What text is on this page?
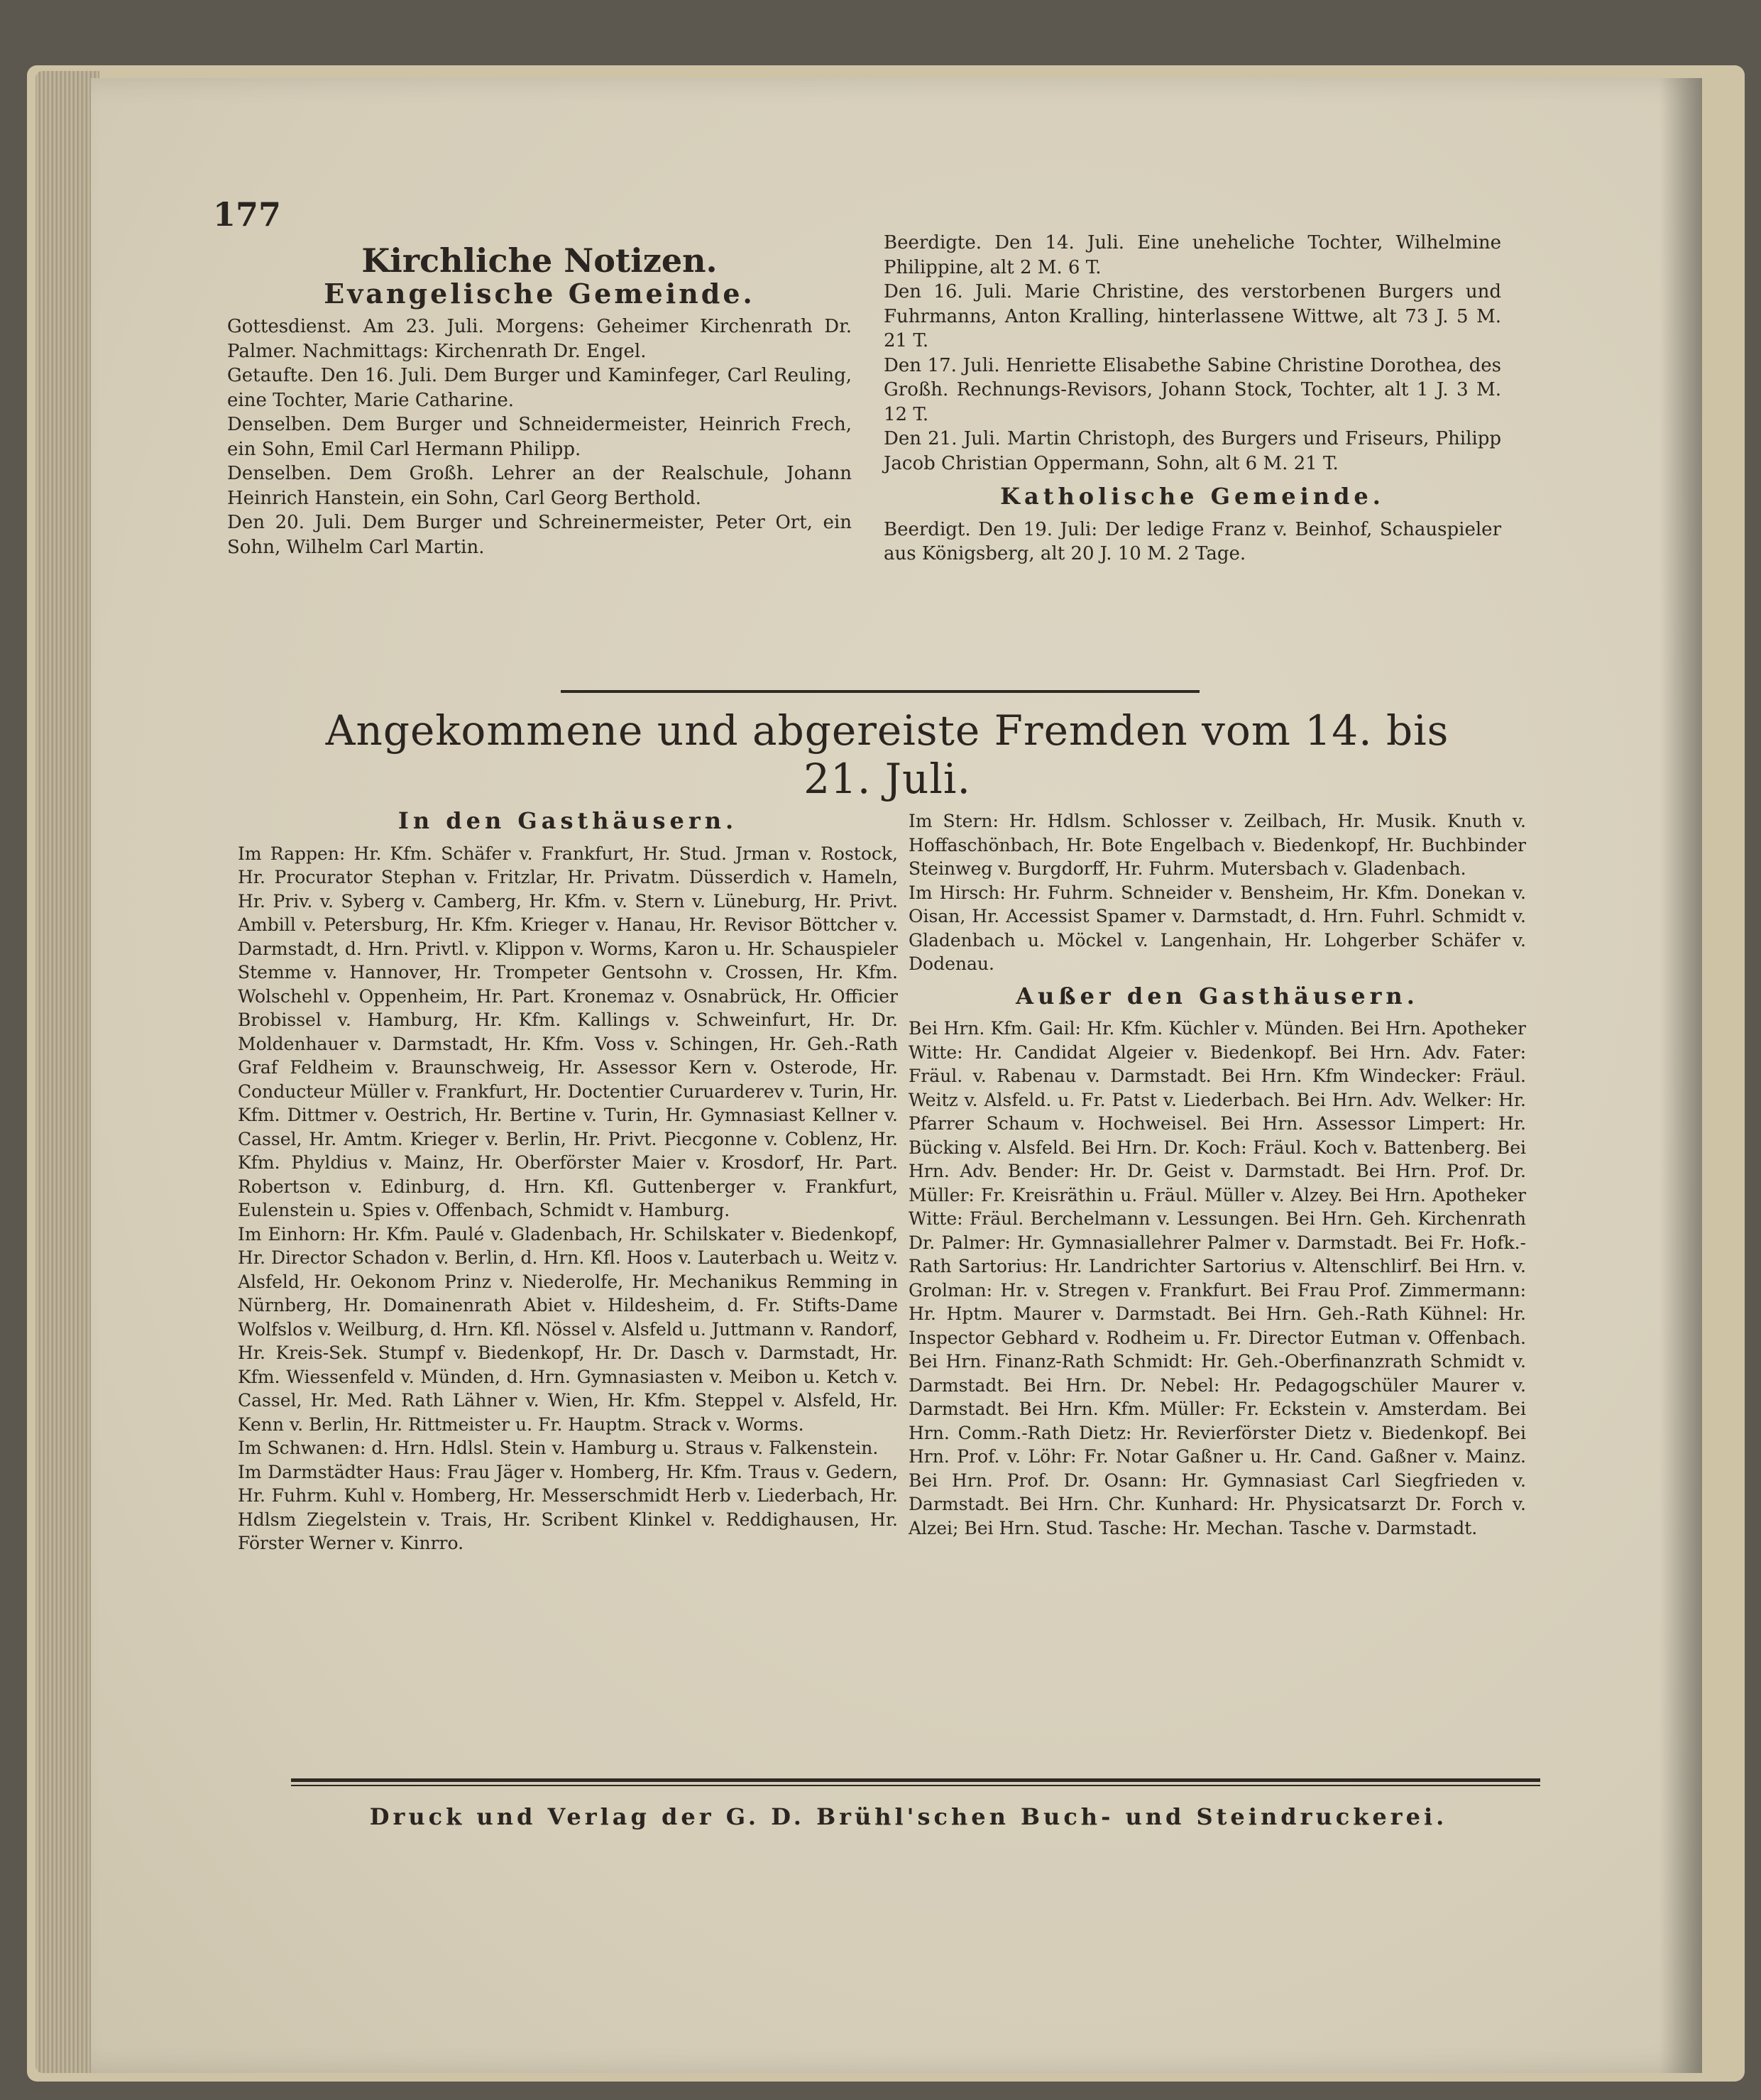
177
Kirchliche Notizen.
Evangelische Gemeinde.

Gottesdienst. Am 23. Juli. Morgens: Geheimer Kirchenrath Dr. Palmer. Nachmittags: Kirchenrath Dr. Engel.

Getaufte. Den 16. Juli. Dem Burger und Kaminfeger, Carl Reuling, eine Tochter, Marie Catharine.

Denselben. Dem Burger und Schneidermeister, Heinrich Frech, ein Sohn, Emil Carl Hermann Philipp.

Denselben. Dem Großh. Lehrer an der Realschule, Johann Heinrich Hanstein, ein Sohn, Carl Georg Berthold.

Den 20. Juli. Dem Burger und Schreinermeister, Peter Ort, ein Sohn, Wilhelm Carl Martin.

Beerdigte. Den 14. Juli. Eine uneheliche Tochter, Wilhelmine Philippine, alt 2 M. 6 T.

Den 16. Juli. Marie Christine, des verstorbenen Burgers und Fuhrmanns, Anton Kralling, hinterlassene Wittwe, alt 73 J. 5 M. 21 T.

Den 17. Juli. Henriette Elisabethe Sabine Christine Dorothea, des Großh. Rechnungs-Revisors, Johann Stock, Tochter, alt 1 J. 3 M. 12 T.

Den 21. Juli. Martin Christoph, des Burgers und Friseurs, Philipp Jacob Christian Oppermann, Sohn, alt 6 M. 21 T.

Katholische Gemeinde.

Beerdigt. Den 19. Juli: Der ledige Franz v. Beinhof, Schauspieler aus Königsberg, alt 20 J. 10 M. 2 Tage.

Angekommene und abgereiste Fremden vom 14. bis 21. Juli.
In den Gasthäusern.

Im Rappen: Hr. Kfm. Schäfer v. Frankfurt, Hr. Stud. Jrman v. Rostock, Hr. Procurator Stephan v. Fritzlar, Hr. Privatm. Düsserdich v. Hameln, Hr. Priv. v. Syberg v. Camberg, Hr. Kfm. v. Stern v. Lüneburg, Hr. Privt. Ambill v. Petersburg, Hr. Kfm. Krieger v. Hanau, Hr. Revisor Böttcher v. Darmstadt, d. Hrn. Privtl. v. Klippon v. Worms, Karon u. Hr. Schauspieler Stemme v. Hannover, Hr. Trompeter Gentsohn v. Crossen, Hr. Kfm. Wolschehl v. Oppenheim, Hr. Part. Kronemaz v. Osnabrück, Hr. Officier Brobissel v. Hamburg, Hr. Kfm. Kallings v. Schweinfurt, Hr. Dr. Moldenhauer v. Darmstadt, Hr. Kfm. Voss v. Schingen, Hr. Geh.-Rath Graf Feldheim v. Braunschweig, Hr. Assessor Kern v. Osterode, Hr. Conducteur Müller v. Frankfurt, Hr. Doctentier Curuarderev v. Turin, Hr. Kfm. Dittmer v. Oestrich, Hr. Bertine v. Turin, Hr. Gymnasiast Kellner v. Cassel, Hr. Amtm. Krieger v. Berlin, Hr. Privt. Piecgonne v. Coblenz, Hr. Kfm. Phyldius v. Mainz, Hr. Oberförster Maier v. Krosdorf, Hr. Part. Robertson v. Edinburg, d. Hrn. Kfl. Guttenberger v. Frankfurt, Eulenstein u. Spies v. Offenbach, Schmidt v. Hamburg.

Im Einhorn: Hr. Kfm. Paulé v. Gladenbach, Hr. Schilskater v. Biedenkopf, Hr. Director Schadon v. Berlin, d. Hrn. Kfl. Hoos v. Lauterbach u. Weitz v. Alsfeld, Hr. Oekonom Prinz v. Niederolfe, Hr. Mechanikus Remming in Nürnberg, Hr. Domainenrath Abiet v. Hildesheim, d. Fr. Stifts-Dame Wolfslos v. Weilburg, d. Hrn. Kfl. Nössel v. Alsfeld u. Juttmann v. Randorf, Hr. Kreis-Sek. Stumpf v. Biedenkopf, Hr. Dr. Dasch v. Darmstadt, Hr. Kfm. Wiessenfeld v. Münden, d. Hrn. Gymnasiasten v. Meibon u. Ketch v. Cassel, Hr. Med. Rath Lähner v. Wien, Hr. Kfm. Steppel v. Alsfeld, Hr. Kenn v. Berlin, Hr. Rittmeister u. Fr. Hauptm. Strack v. Worms.

Im Schwanen: d. Hrn. Hdlsl. Stein v. Hamburg u. Straus v. Falkenstein.

Im Darmstädter Haus: Frau Jäger v. Homberg, Hr. Kfm. Traus v. Gedern, Hr. Fuhrm. Kuhl v. Homberg, Hr. Messerschmidt Herb v. Liederbach, Hr. Hdlsm Ziegelstein v. Trais, Hr. Scribent Klinkel v. Reddighausen, Hr. Förster Werner v. Kinrro.

Im Stern: Hr. Hdlsm. Schlosser v. Zeilbach, Hr. Musik. Knuth v. Hoffaschönbach, Hr. Bote Engelbach v. Biedenkopf, Hr. Buchbinder Steinweg v. Burgdorff, Hr. Fuhrm. Mutersbach v. Gladenbach.

Im Hirsch: Hr. Fuhrm. Schneider v. Bensheim, Hr. Kfm. Donekan v. Oisan, Hr. Accessist Spamer v. Darmstadt, d. Hrn. Fuhrl. Schmidt v. Gladenbach u. Möckel v. Langenhain, Hr. Lohgerber Schäfer v. Dodenau.

Außer den Gasthäusern.

Bei Hrn. Kfm. Gail: Hr. Kfm. Küchler v. Münden. Bei Hrn. Apotheker Witte: Hr. Candidat Algeier v. Biedenkopf. Bei Hrn. Adv. Fater: Fräul. v. Rabenau v. Darmstadt. Bei Hrn. Kfm Windecker: Fräul. Weitz v. Alsfeld. u. Fr. Patst v. Liederbach. Bei Hrn. Adv. Welker: Hr. Pfarrer Schaum v. Hochweisel. Bei Hrn. Assessor Limpert: Hr. Bücking v. Alsfeld. Bei Hrn. Dr. Koch: Fräul. Koch v. Battenberg. Bei Hrn. Adv. Bender: Hr. Dr. Geist v. Darmstadt. Bei Hrn. Prof. Dr. Müller: Fr. Kreisräthin u. Fräul. Müller v. Alzey. Bei Hrn. Apotheker Witte: Fräul. Berchelmann v. Lessungen. Bei Hrn. Geh. Kirchenrath Dr. Palmer: Hr. Gymnasiallehrer Palmer v. Darmstadt. Bei Fr. Hofk.-Rath Sartorius: Hr. Landrichter Sartorius v. Altenschlirf. Bei Hrn. v. Grolman: Hr. v. Stregen v. Frankfurt. Bei Frau Prof. Zimmermann: Hr. Hptm. Maurer v. Darmstadt. Bei Hrn. Geh.-Rath Kühnel: Hr. Inspector Gebhard v. Rodheim u. Fr. Director Eutman v. Offenbach. Bei Hrn. Finanz-Rath Schmidt: Hr. Geh.-Oberfinanzrath Schmidt v. Darmstadt. Bei Hrn. Dr. Nebel: Hr. Pedagogschüler Maurer v. Darmstadt. Bei Hrn. Kfm. Müller: Fr. Eckstein v. Amsterdam. Bei Hrn. Comm.-Rath Dietz: Hr. Revierförster Dietz v. Biedenkopf. Bei Hrn. Prof. v. Löhr: Fr. Notar Gaßner u. Hr. Cand. Gaßner v. Mainz. Bei Hrn. Prof. Dr. Osann: Hr. Gymnasiast Carl Siegfrieden v. Darmstadt. Bei Hrn. Chr. Kunhard: Hr. Physicatsarzt Dr. Forch v. Alzei; Bei Hrn. Stud. Tasche: Hr. Mechan. Tasche v. Darmstadt.

Druck und Verlag der G. D. Brühl'schen Buch- und Steindruckerei.
